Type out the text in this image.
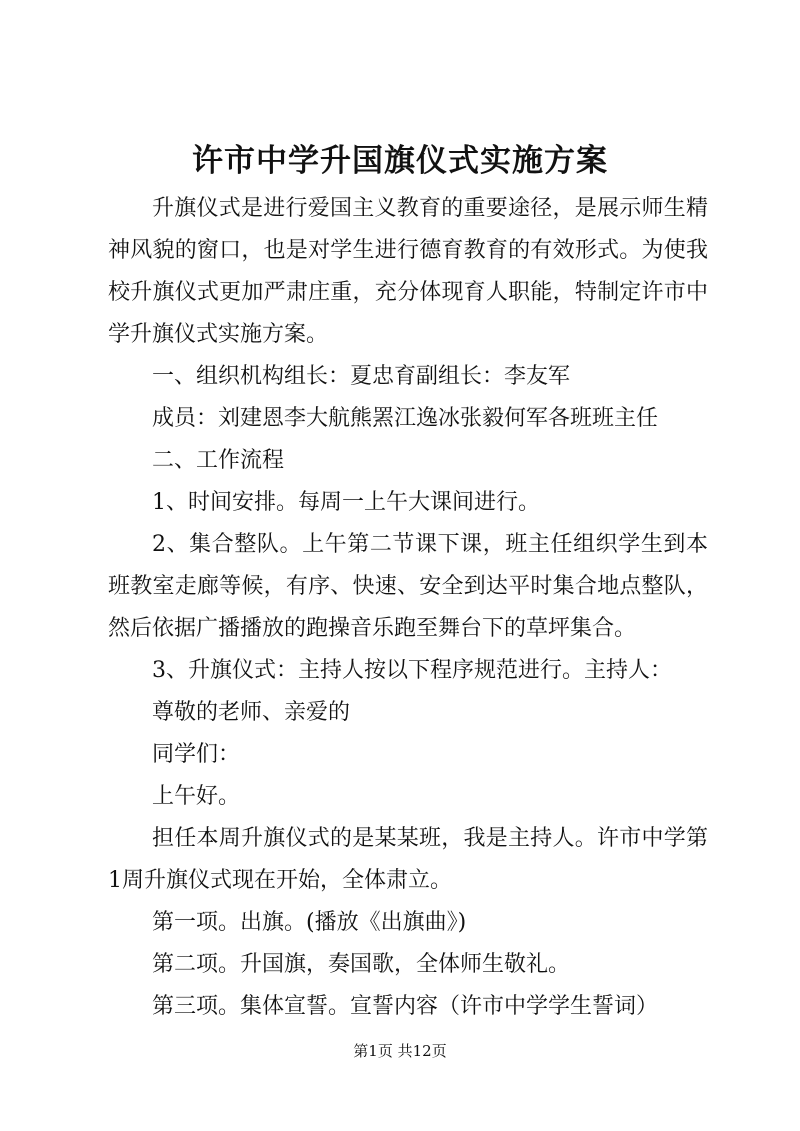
许市中学升国旗仪式实施方案

升旗仪式是进行爱国主义教育的重要途径，是展示师生精神风貌的窗口，也是对学生进行德育教育的有效形式。为使我校升旗仪式更加严肃庄重，充分体现育人职能，特制定许市中学升旗仪式实施方案。

一、组织机构组长：夏忠育副组长：李友军

成员：刘建恩李大航熊罴江逸冰张毅何军各班班主任

二、工作流程

1、时间安排。每周一上午大课间进行。

2、集合整队。上午第二节课下课，班主任组织学生到本班教室走廊等候，有序、快速、安全到达平时集合地点整队，然后依据广播播放的跑操音乐跑至舞台下的草坪集合。

3、升旗仪式：主持人按以下程序规范进行。主持人：

尊敬的老师、亲爱的

同学们：

上午好。

担任本周升旗仪式的是某某班，我是主持人。许市中学第1周升旗仪式现在开始，全体肃立。

第一项。出旗。(播放《出旗曲》)

第二项。升国旗，奏国歌，全体师生敬礼。

第三项。集体宣誓。宣誓内容（许市中学学生誓词）

第1页 共12页
